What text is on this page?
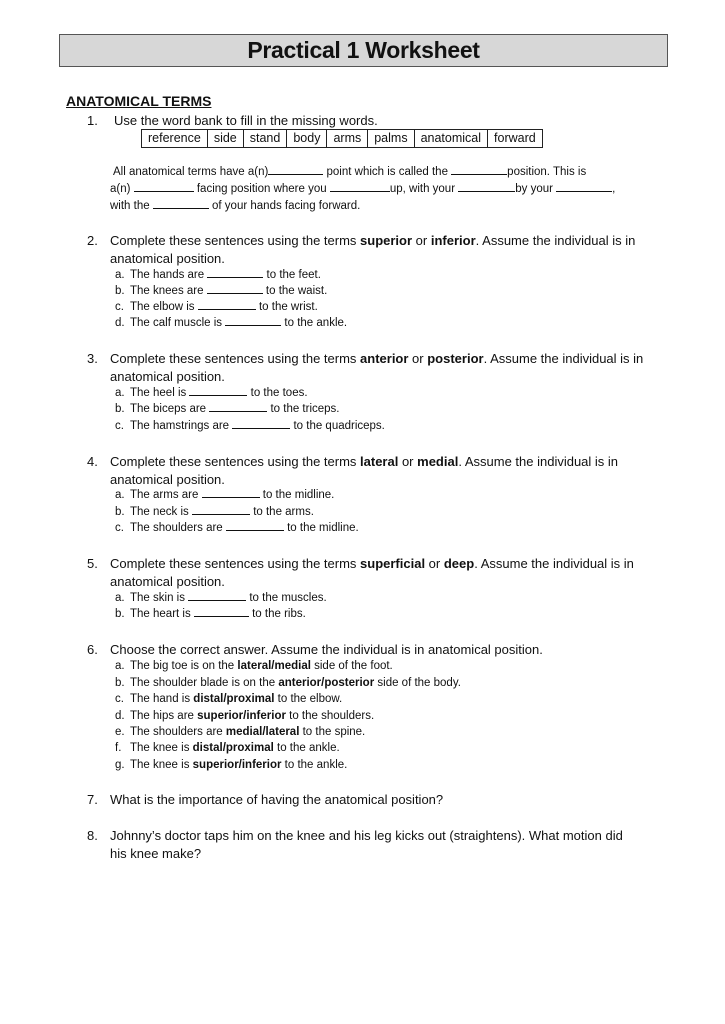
Practical 1 Worksheet
ANATOMICAL TERMS
1. Use the word bank to fill in the missing words.
reference	side	stand	body	arms	palms	anatomical	forward
All anatomical terms have a(n)	point which is called the	position. This is
a(n)	facing position where you	up, with your	by your	,
with the	of your hands facing forward.
2. Complete these sentences using the terms superior or inferior. Assume the individual is in
anatomical position.
a. The hands are	to the feet.
b. The knees are	to the waist.
c. The elbow is	to the wrist.
d. The calf muscle is	to the ankle.
3. Complete these sentences using the terms anterior or posterior. Assume the individual is in
anatomical position.
a. The heel is	to the toes.
b. The biceps are	to the triceps.
c. The hamstrings are	to the quadriceps.
4. Complete these sentences using the terms lateral or medial. Assume the individual is in
anatomical position.
a. The arms are	to the midline.
b. The neck is	to the arms.
c. The shoulders are	to the midline.
5. Complete these sentences using the terms superficial or deep. Assume the individual is in
anatomical position.
a. The skin is	to the muscles.
b. The heart is	to the ribs.
6. Choose the correct answer. Assume the individual is in anatomical position.
a. The big toe is on the lateral/medial side of the foot.
b. The shoulder blade is on the anterior/posterior side of the body.
c. The hand is distal/proximal to the elbow.
d. The hips are superior/inferior to the shoulders.
e. The shoulders are medial/lateral to the spine.
f. The knee is distal/proximal to the ankle.
g. The knee is superior/inferior to the ankle.
7. What is the importance of having the anatomical position?
8. Johnny’s doctor taps him on the knee and his leg kicks out (straightens). What motion did
his knee make?
